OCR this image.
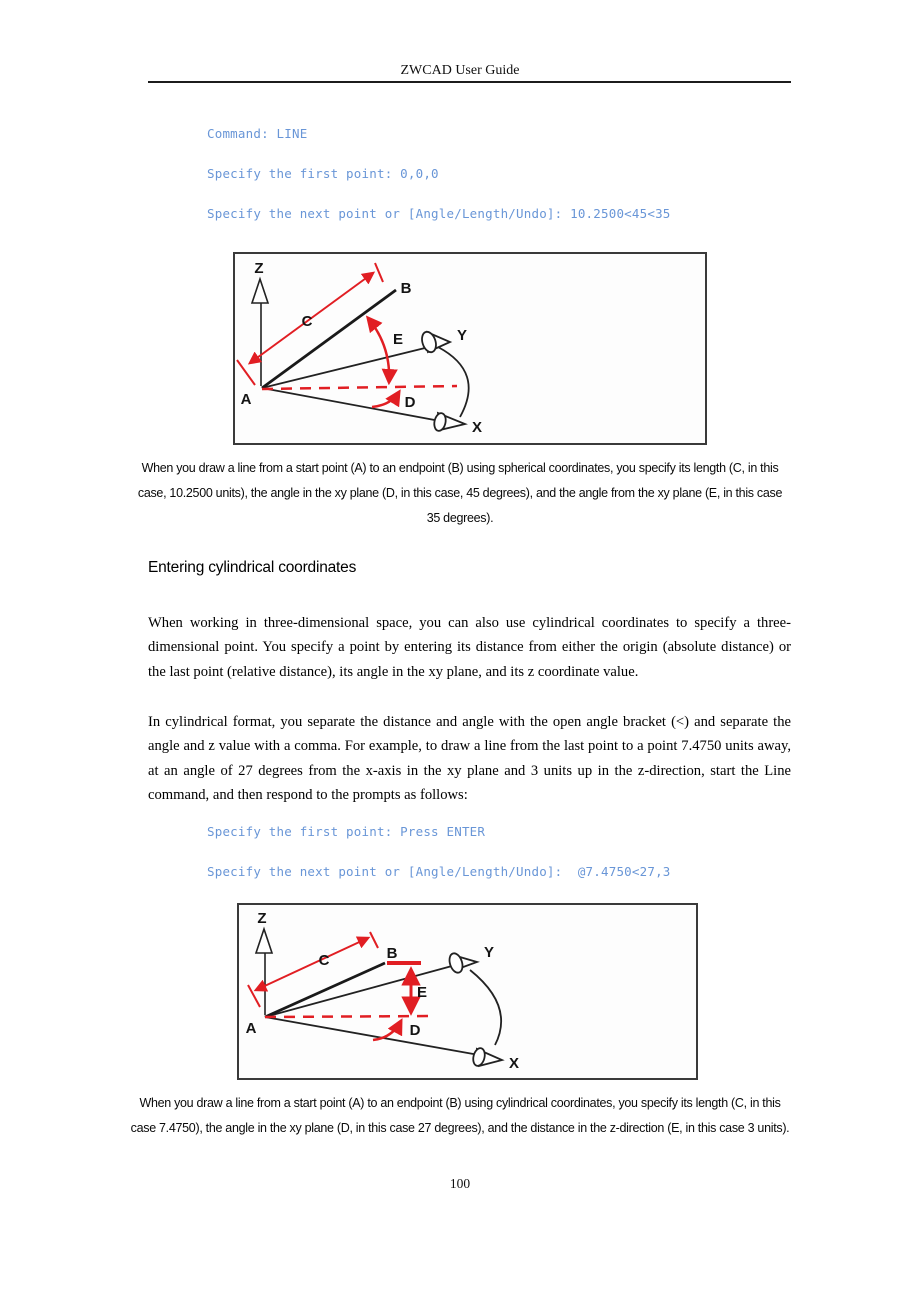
ZWCAD User Guide
Command: LINE
Specify the first point: 0,0,0
Specify the next point or [Angle/Length/Undo]: 10.2500<45<35
Z
Y
X
A
B
C
E
D
When you draw a line from a start point (A) to an endpoint (B) using spherical coordinates, you specify its length (C, in this case, 10.2500 units), the angle in the xy plane (D, in this case, 45 degrees), and the angle from the xy plane (E, in this case 35 degrees).
Entering cylindrical coordinates
When working in three-dimensional space, you can also use cylindrical coordinates to specify a three-dimensional point. You specify a point by entering its distance from either the origin (absolute distance) or the last point (relative distance), its angle in the xy plane, and its z coordinate value.
In cylindrical format, you separate the distance and angle with the open angle bracket (<) and separate the angle and z value with a comma. For example, to draw a line from the last point to a point 7.4750 units away, at an angle of 27 degrees from the x-axis in the xy plane and 3 units up in the z-direction, start the Line command, and then respond to the prompts as follows:
Specify the first point: Press ENTER
Specify the next point or [Angle/Length/Undo]:  @7.4750<27,3
Z
Y
X
A
B
C
E
D
When you draw a line from a start point (A) to an endpoint (B) using cylindrical coordinates, you specify its length (C, in this case 7.4750), the angle in the xy plane (D, in this case 27 degrees), and the distance in the z-direction (E, in this case 3 units).
100
